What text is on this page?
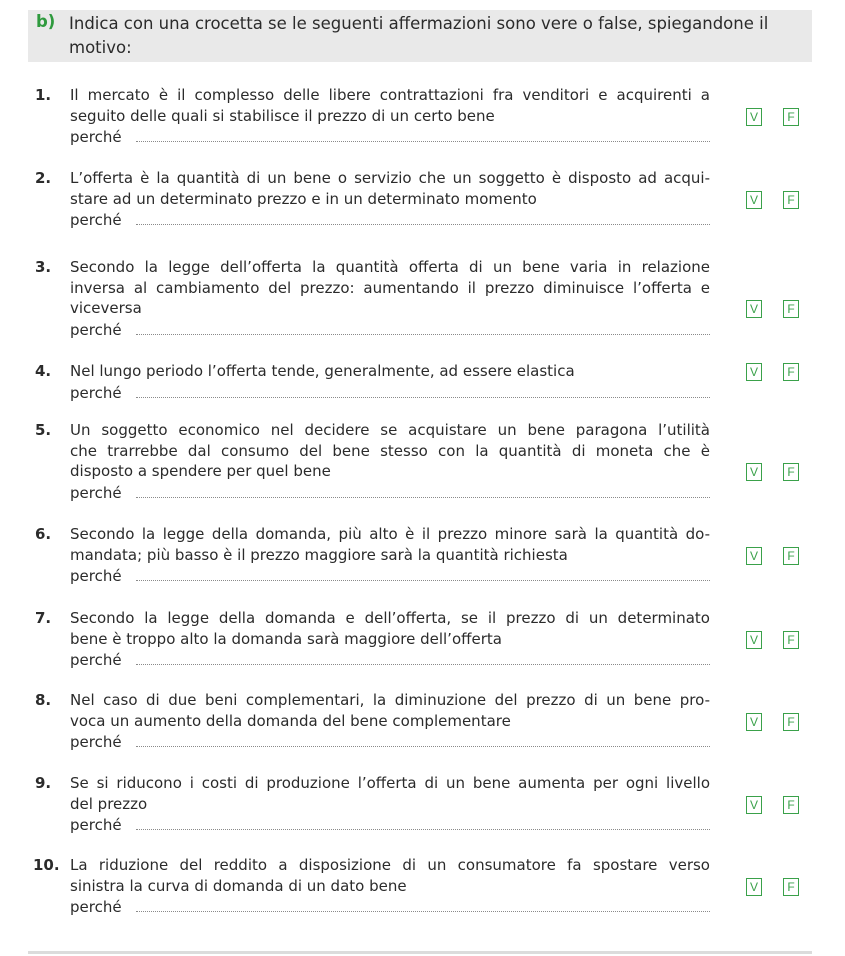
b) Indica con una crocetta se le seguenti affermazioni sono vere o false, spiegandone il motivo:
1. Il mercato è il complesso delle libere contrattazioni fra venditori e acquirenti a
seguito delle quali si stabilisce il prezzo di un certo bene	V	F
perché
2. L’offerta è la quantità di un bene o servizio che un soggetto è disposto ad acqui-
stare ad un determinato prezzo e in un determinato momento	V	F
perché
3. Secondo la legge dell’offerta la quantità offerta di un bene varia in relazione
inversa al cambiamento del prezzo: aumentando il prezzo diminuisce l’offerta e
viceversa	V	F
perché
4. Nel lungo periodo l’offerta tende, generalmente, ad essere elastica	V	F
perché
5. Un soggetto economico nel decidere se acquistare un bene paragona l’utilità
che trarrebbe dal consumo del bene stesso con la quantità di moneta che è
disposto a spendere per quel bene	V	F
perché
6. Secondo la legge della domanda, più alto è il prezzo minore sarà la quantità do-
mandata; più basso è il prezzo maggiore sarà la quantità richiesta	V	F
perché
7. Secondo la legge della domanda e dell’offerta, se il prezzo di un determinato
bene è troppo alto la domanda sarà maggiore dell’offerta	V	F
perché
8. Nel caso di due beni complementari, la diminuzione del prezzo di un bene pro-
voca un aumento della domanda del bene complementare	V	F
perché
9. Se si riducono i costi di produzione l’offerta di un bene aumenta per ogni livello
del prezzo	V	F
perché
10. La riduzione del reddito a disposizione di un consumatore fa spostare verso
sinistra la curva di domanda di un dato bene	V	F
perché
